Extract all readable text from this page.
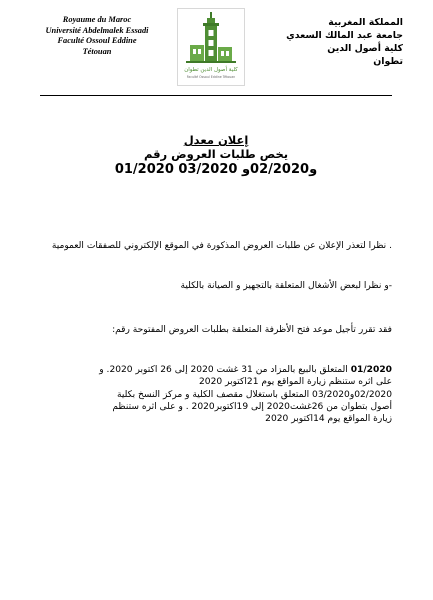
Royaume du Maroc
Université Abdelmalek Essadi
Faculté Ossoul Eddine
Tétouan
كلية أصول الدين تطوان
Faculté Ossoul Eddine Tétouan
المملكة المغربية
جامعة عبد المالك السعدي
كلية أصول الدين
تطوان
إعلان معدل
يخص طلبات العروض رقم
01/2020 و02/2020و 03/2020
. نظرا لتعذر الإعلان عن طلبات العروض المذكورة في الموقع الإلكتروني للصفقات العمومية
-و نظرا لبعض الأشغال المتعلقة بالتجهيز و الصيانة بالكلية
فقد تقرر تأجيل موعد فتح الأظرفة المتعلقة بطلبات العروض المفتوحة رقم:
01/2020 المتعلق بالبيع بالمزاد من 31 غشت 2020 إلى 26 اكتوبر 2020. و
على اثره ستنظم زيارة المواقع يوم 21اكتوبر 2020
02/2020و03/2020 المتعلق باستغلال مقصف الكلية و مركز النسخ بكلية
أصول بتطوان من 26غشت2020 إلى 19اكتوبر2020 . و على اثره ستنظم
زيارة المواقع يوم 14اكتوبر 2020
